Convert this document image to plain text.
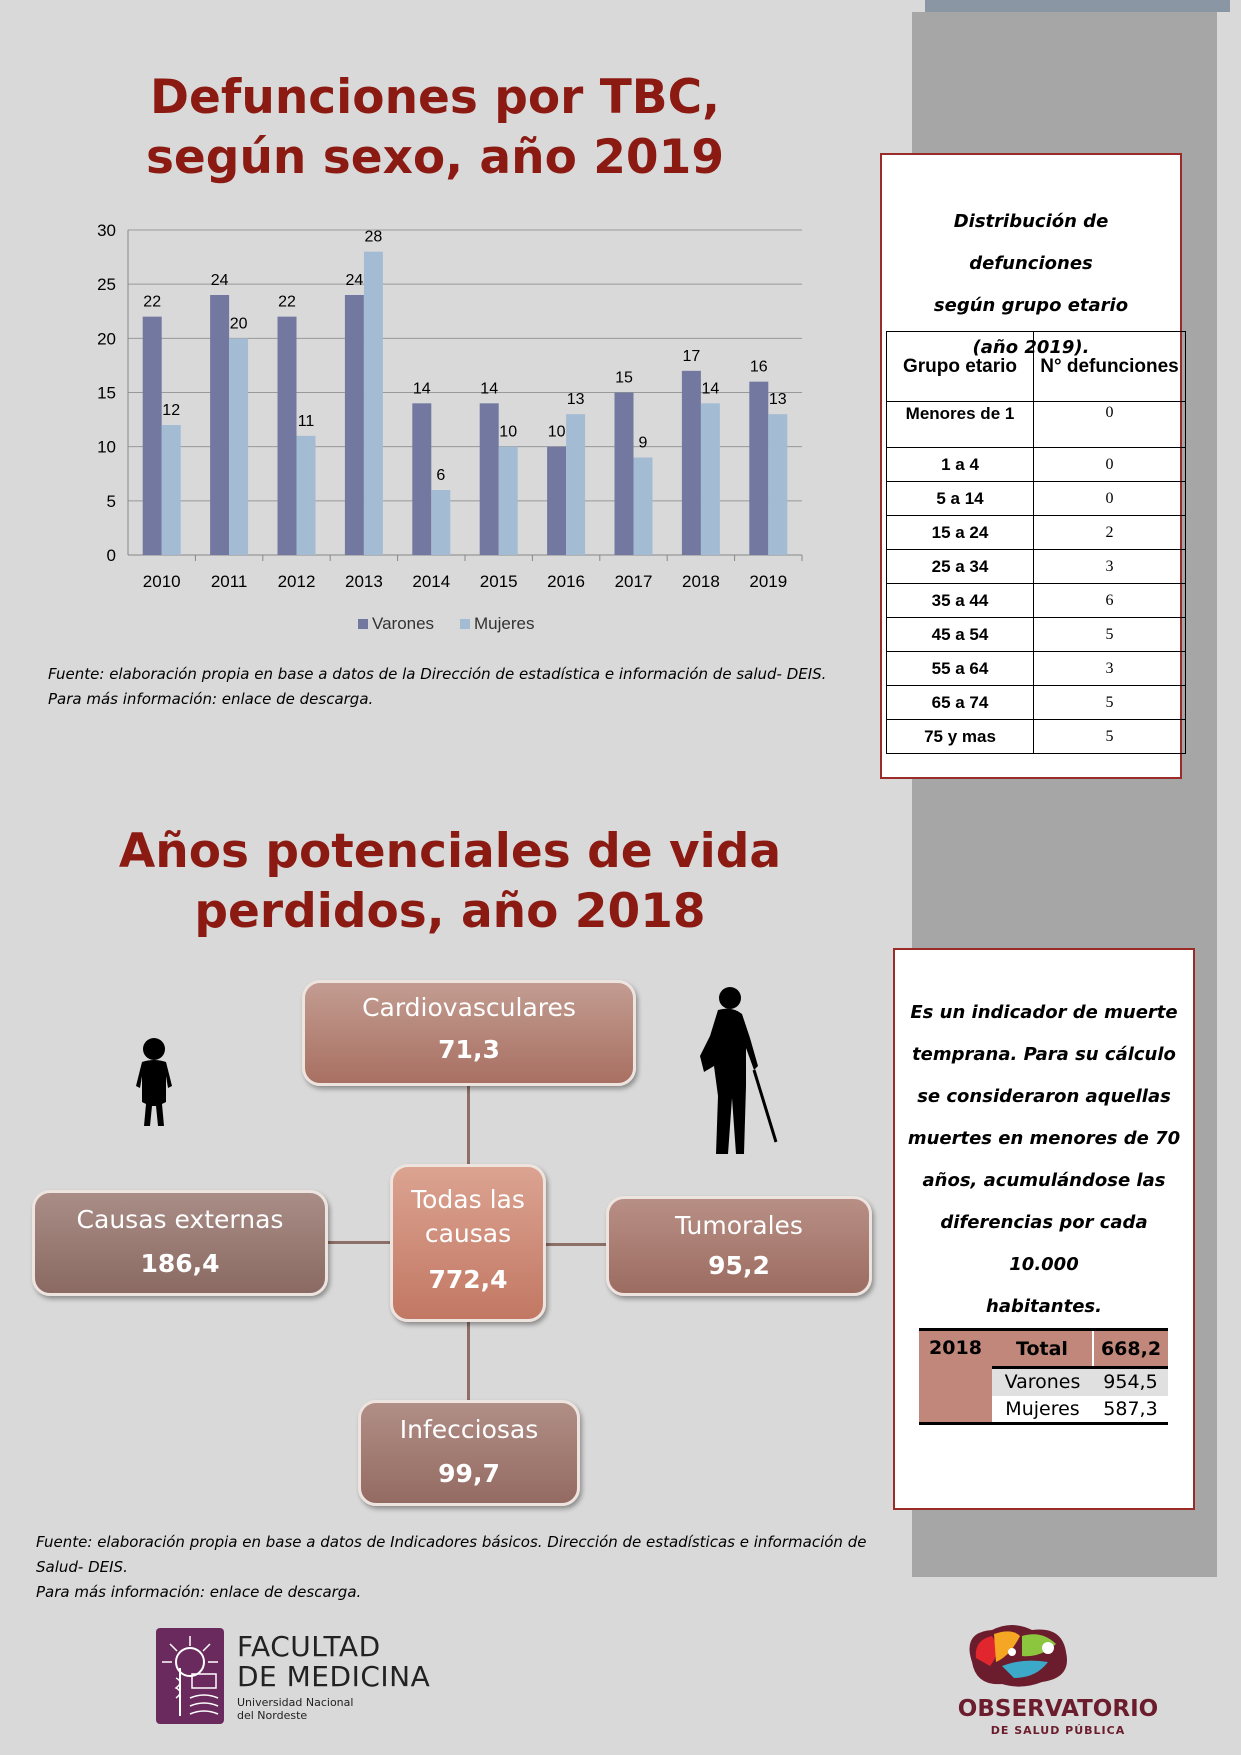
Defunciones por TBC,
según sexo, año 2019
0
5
10
15
20
25
30
2010
22
12
2011
24
20
2012
22
11
2013
24
28
2014
14
6
2015
14
10
2016
10
13
2017
15
9
2018
17
14
2019
16
13
Varones Mujeres
Fuente: elaboración propia en base a datos de la Dirección de estadística e información de salud- DEIS.
Para más información: enlace de descarga.
Distribución de defunciones
según grupo etario
(año 2019).
Grupo etario	N° defunciones
Menores de 1	0
1 a 4	0
5 a 14	0
15 a 24	2
25 a 34	3
35 a 44	6
45 a 54	5
55 a 64	3
65 a 74	5
75 y mas	5
Años potenciales de vida
perdidos, año 2018
Cardiovasculares
71,3
Todas las
causas
772,4
Causas externas
186,4
Tumorales
95,2
Infecciosas
99,7
Fuente: elaboración propia en base a datos de Indicadores básicos. Dirección de estadísticas e información de
Salud- DEIS.
Para más información: enlace de descarga.
Es un indicador de muerte
temprana. Para su cálculo
se consideraron aquellas
muertes en menores de 70
años, acumulándose las
diferencias por cada 10.000
habitantes.
2018	Total	668,2
	Varones	954,5
	Mujeres	587,3
FACULTAD
DE MEDICINA
Universidad Nacional
del Nordeste	OBSERVATORIO
DE SALUD PÚBLICA
